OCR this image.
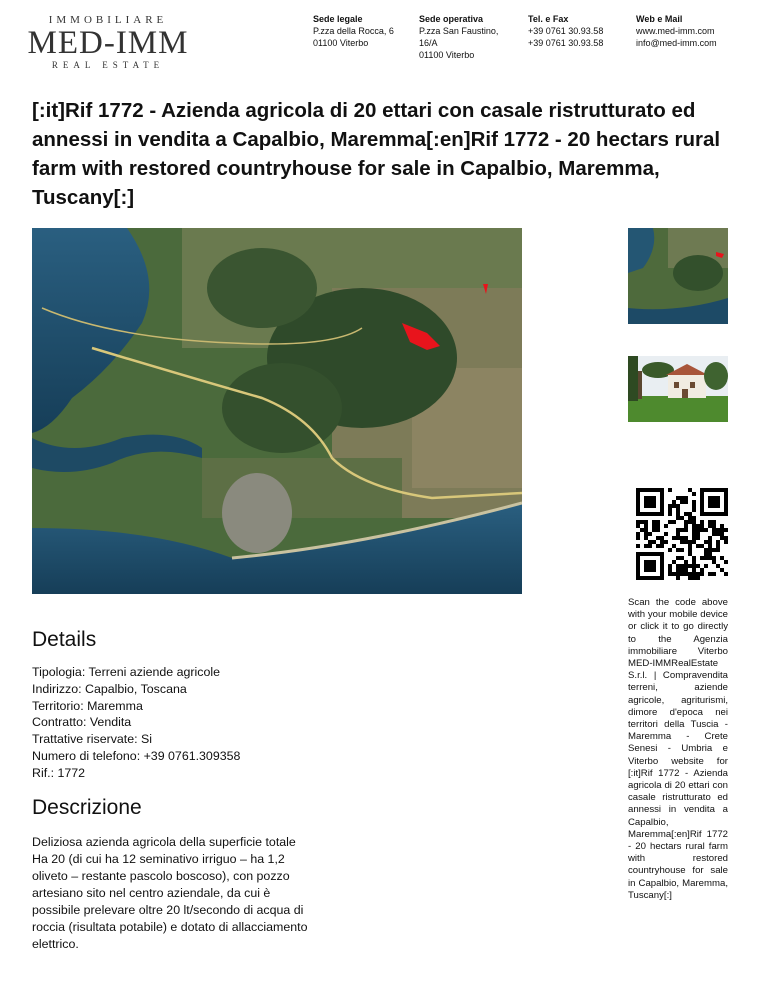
IMMOBILIARE
MED-IMM
REAL ESTATE
Sede legale
P.zza della Rocca, 6
01100 Viterbo
Sede operativa
P.zza San Faustino,
16/A
01100 Viterbo
Tel. e Fax
+39 0761 30.93.58
+39 0761 30.93.58
Web e Mail
www.med-imm.com
info@med-imm.com
[:it]Rif 1772 - Azienda agricola di 20 ettari con casale ristrutturato ed annessi in vendita a Capalbio, Maremma[:en]Rif 1772 - 20 hectars rural farm with restored countryhouse for sale in Capalbio, Maremma, Tuscany[:]

Scan the code above with your mobile device or click it to go directly to the Agenzia immobiliare Viterbo MED-IMMRealEstate S.r.l. | Compravendita terreni, aziende agricole, agriturismi, dimore d'epoca nei territori della Tuscia - Maremma - Crete Senesi - Umbria e Viterbo website for [:it]Rif 1772 - Azienda agricola di 20 ettari con casale ristrutturato ed annessi in vendita a Capalbio, Maremma[:en]Rif 1772 - 20 hectars rural farm with restored countryhouse for sale in Capalbio, Maremma, Tuscany[:]

Details
Tipologia: Terreni aziende agricole
Indirizzo: Capalbio, Toscana
Territorio: Maremma
Contratto: Vendita
Trattative riservate: Si
Numero di telefono: +39 0761.309358
Rif.: 1772
Descrizione

Deliziosa azienda agricola della superficie totale Ha 20 (di cui ha 12 seminativo irriguo – ha 1,2 oliveto – restante pascolo boscoso), con pozzo artesiano sito nel centro aziendale, da cui è possibile prelevare oltre 20 lt/secondo di acqua di roccia (risultata potabile) e dotato di allacciamento elettrico.
